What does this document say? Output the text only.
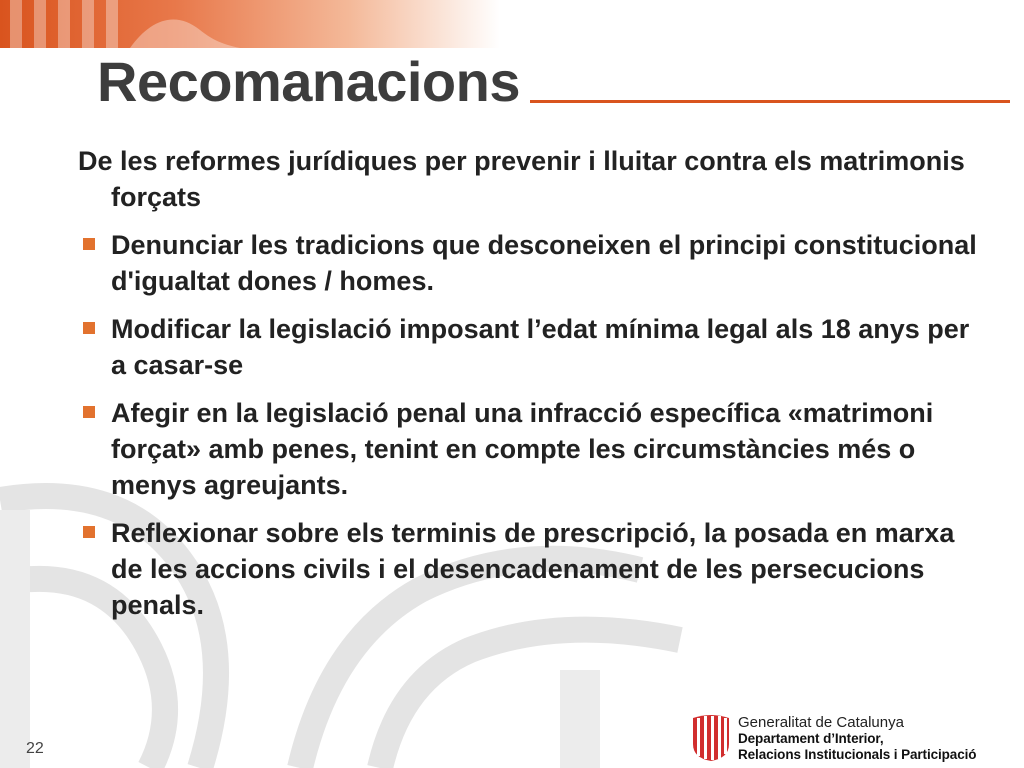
Recomanacions

De les reformes jurídiques per prevenir i lluitar contra els matrimonis forçats

Denunciar les tradicions que desconeixen el principi constitucional d'igualtat dones / homes.
Modificar la legislació imposant l’edat mínima legal als 18 anys per a casar-se
Afegir en la legislació penal una infracció específica «matrimoni forçat» amb penes, tenint en compte les circumstàncies més o menys agreujants.
Reflexionar sobre els terminis de prescripció, la posada en marxa de les accions civils i el desencadenament de les persecucions penals.
22
Generalitat de Catalunya
Departament d’Interior,
Relacions Institucionals i Participació
